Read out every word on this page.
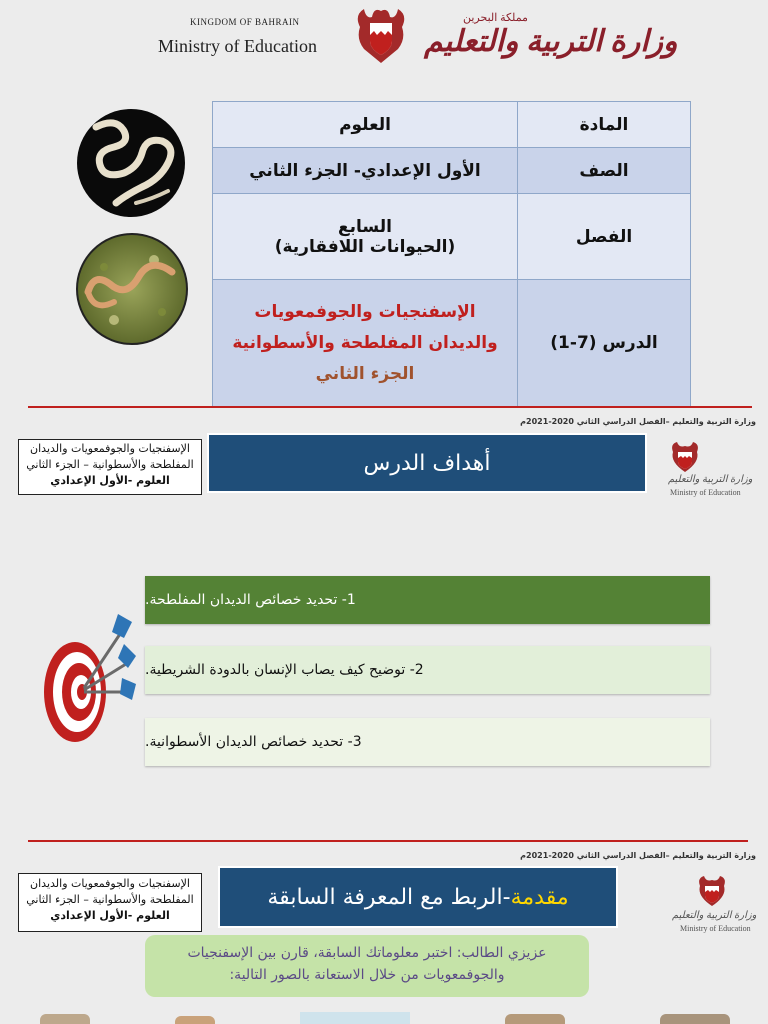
KINGDOM OF BAHRAIN
Ministry of Education
مملكة البحرين
وزارة التربية والتعليم
العلوم	المادة
الأول الإعدادي- الجزء الثاني	الصف

السابع
(الحيوانات اللافقارية)	الفصل

الإسفنجيات والجوفمعويات
والديدان المفلطحة والأسطوانية
الجزء الثاني	الدرس (7-1)
وزارة التربية والتعليم –الفصل الدراسي الثاني 2020-2021م
الإسفنجيات والجوفمعويات والديدان
المفلطحة والأسطوانية – الجزء الثاني
العلوم -الأول الإعدادي
أهداف الدرس
وزارة التربية والتعليم
Ministry of Education
1- تحديد خصائص الديدان المفلطحة.
2- توضيح كيف يصاب الإنسان بالدودة الشريطية.
3- تحديد خصائص الديدان الأسطوانية.
وزارة التربية والتعليم –الفصل الدراسي الثاني 2020-2021م
الإسفنجيات والجوفمعويات والديدان
المفلطحة والأسطوانية – الجزء الثاني
العلوم -الأول الإعدادي
مقدمة
-الربط مع المعرفة السابقة
وزارة التربية والتعليم
Ministry of Education
عزيزي الطالب: اختبر معلوماتك السابقة، قارن بين الإسفنجيات
والجوفمعويات من خلال الاستعانة بالصور التالية:
